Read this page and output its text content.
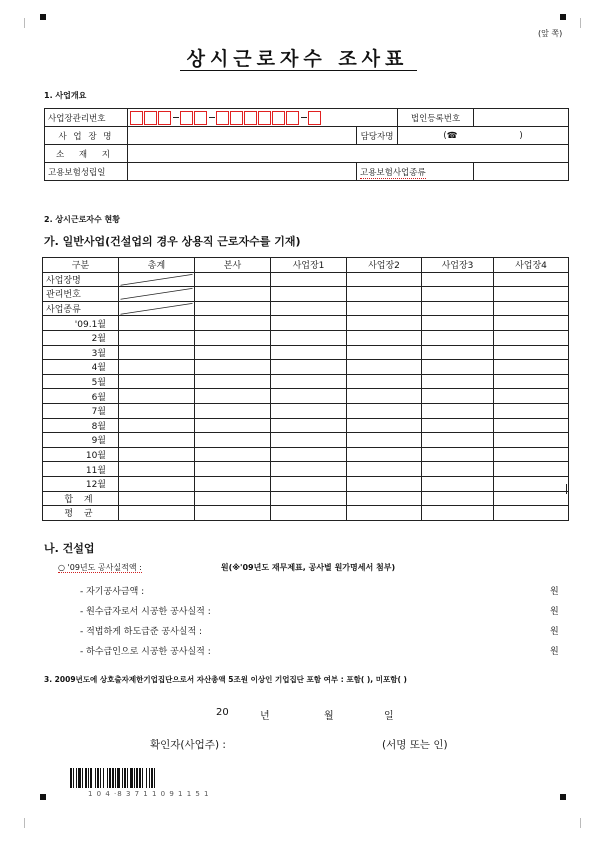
(앞 쪽)
상시근로자수 조사표
1. 사업개요
사업장관리번호			법인등록번호	
사 업 장 명		담당자명	(☎ )	
소 재 지				
고용보험성립일		고용보험사업종류		
2. 상시근로자수 현황
가. 일반사업(건설업의 경우 상용직 근로자수를 기재)
구분	총계	본사	사업장1	사업장2	사업장3	사업장4
사업장명	

관리번호	

사업종류	

'09.1월						
2월						
3월						
4월						
5월						
6월						
7월						
8월						
9월						
10월						
11월						
12월						
합 계						
평 균						
나. 건설업
○ '09년도 공사실적액 :	원(※'09년도 재무제표, 공사별 원가명세서 첨부)
- 자기공사금액 :	원
- 원수급자로서 시공한 공사실적 :	원
- 적법하게 하도급준 공사실적 :	원
- 하수급인으로 시공한 공사실적 :	원
3. 2009년도에 상호출자제한기업집단으로서 자산총액 5조원 이상인 기업집단 포함 여부 : 포함( ), 미포함( )
20	년	월	일
확인자(사업주) :	(서명 또는 인)
1 0 4 ·8 3 7 1 1 0 9 1 1 5 1
